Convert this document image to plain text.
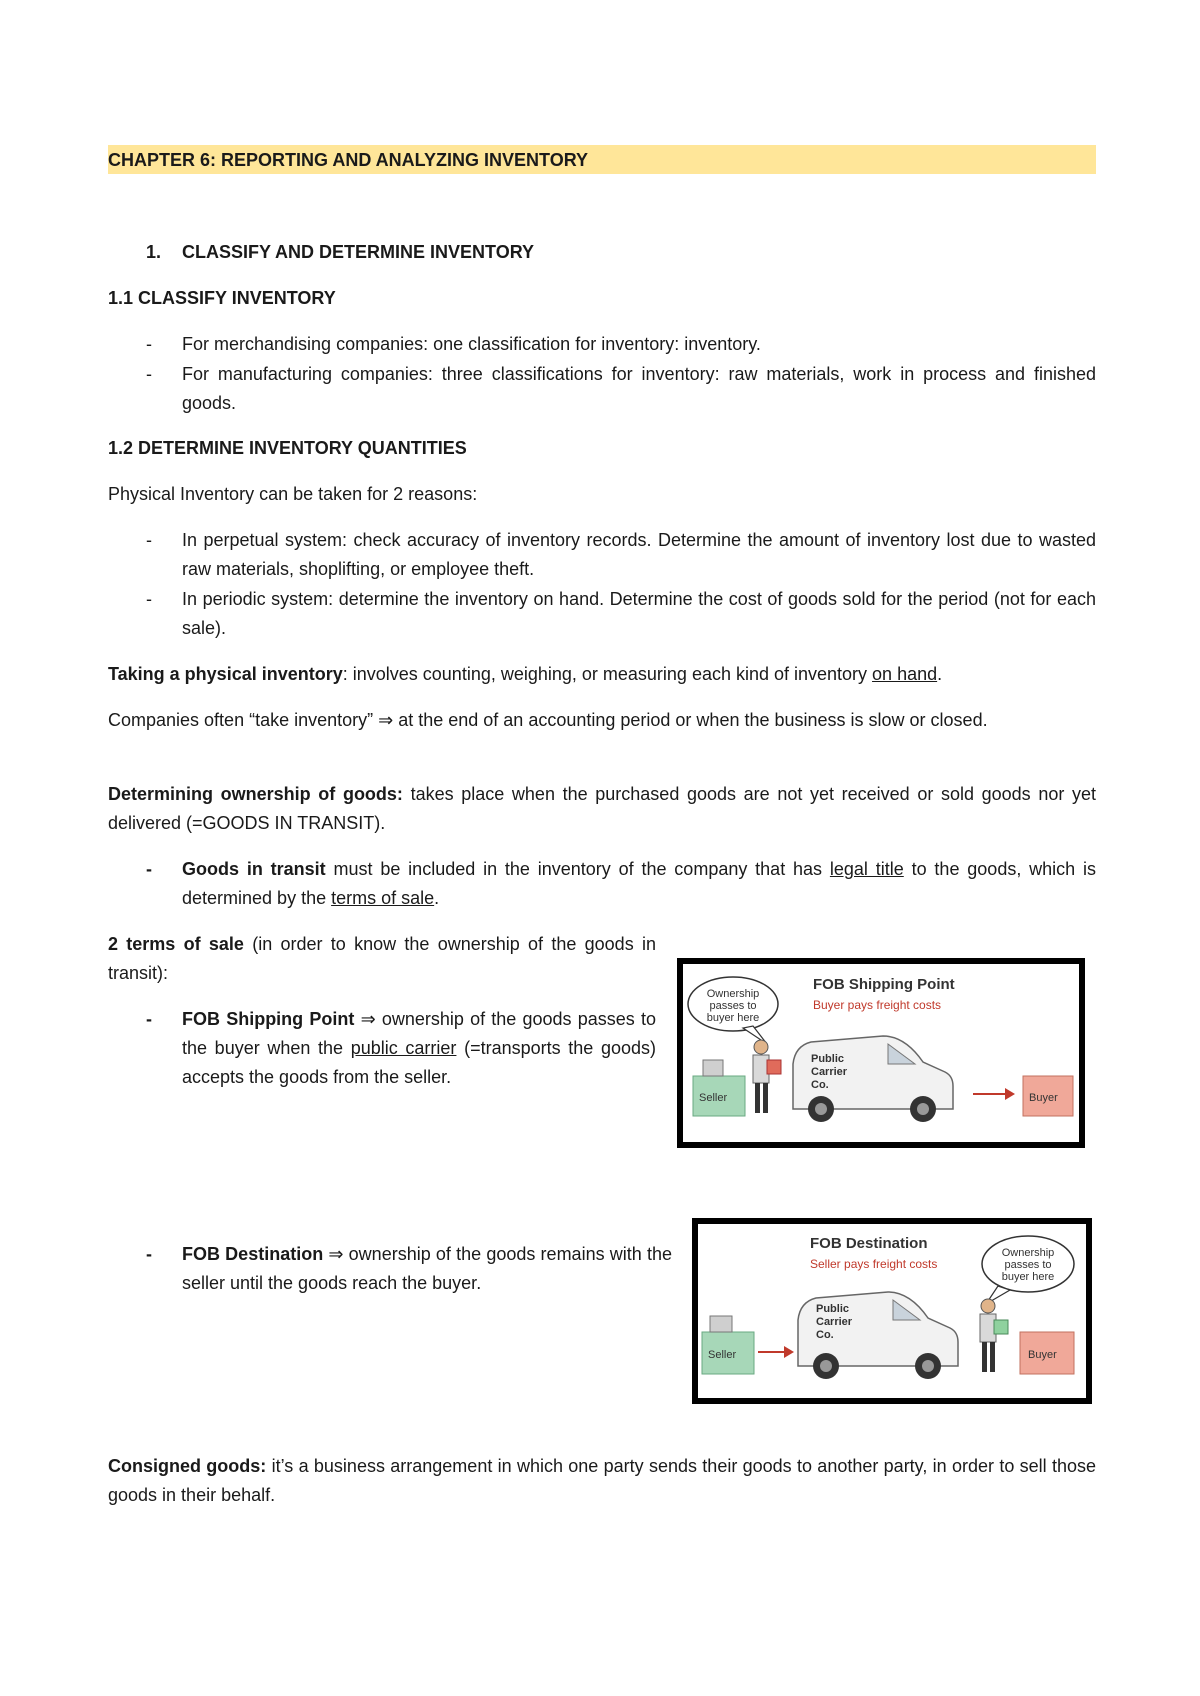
CHAPTER 6: REPORTING AND ANALYZING INVENTORY
1. CLASSIFY AND DETERMINE INVENTORY
1.1 CLASSIFY INVENTORY
- For merchandising companies: one classification for inventory: inventory.
- For manufacturing companies: three classifications for inventory: raw materials, work in process and finished goods.
1.2 DETERMINE INVENTORY QUANTITIES
Physical Inventory can be taken for 2 reasons:
- In perpetual system: check accuracy of inventory records. Determine the amount of inventory lost due to wasted raw materials, shoplifting, or employee theft.
- In periodic system: determine the inventory on hand. Determine the cost of goods sold for the period (not for each sale).
Taking a physical inventory: involves counting, weighing, or measuring each kind of inventory on hand.
Companies often “take inventory” ⇒ at the end of an accounting period or when the business is slow or closed.
Determining ownership of goods: takes place when the purchased goods are not yet received or sold goods nor yet delivered (=GOODS IN TRANSIT).
- Goods in transit must be included in the inventory of the company that has legal title to the goods, which is determined by the terms of sale.
2 terms of sale (in order to know the ownership of the goods in transit):
- FOB Shipping Point ⇒ ownership of the goods passes to the buyer when the public carrier (=transports the goods) accepts the goods from the seller.
Ownership
passes to
buyer here
FOB Shipping Point
Buyer pays freight costs
Seller
Public
Carrier
Co.
Buyer
- FOB Destination ⇒ ownership of the goods remains with the seller until the goods reach the buyer.
FOB Destination
Seller pays freight costs
Ownership
passes to
buyer here
Seller
Public
Carrier
Co.
Buyer
Consigned goods: it’s a business arrangement in which one party sends their goods to another party, in order to sell those goods in their behalf.
